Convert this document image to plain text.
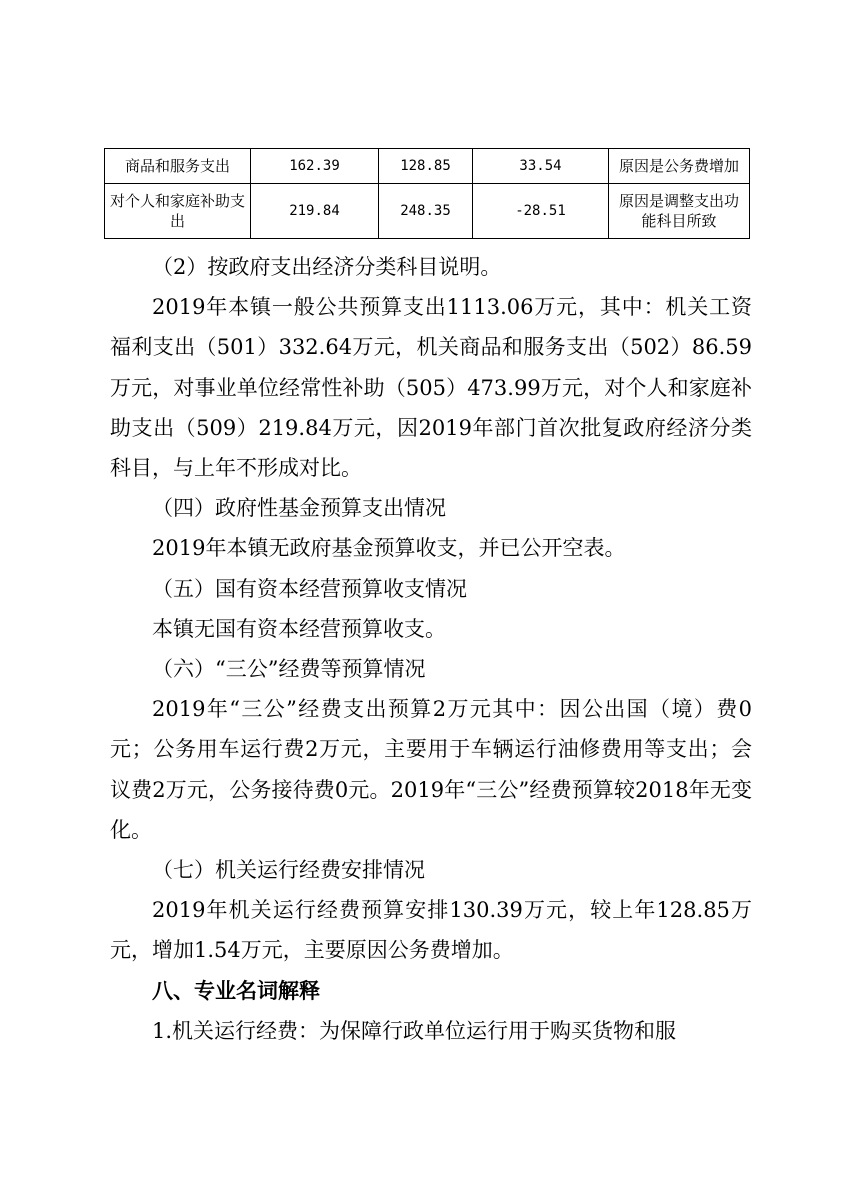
商品和服务支出	162.39	128.85	33.54	原因是公务费增加
对个人和家庭补助支出	219.84	248.35	-28.51	原因是调整支出功能科目所致

（2）按政府支出经济分类科目说明。

2019年本镇一般公共预算支出1113.06万元，其中：机关工资福利支出（501）332.64万元，机关商品和服务支出（502）86.59万元，对事业单位经常性补助（505）473.99万元，对个人和家庭补助支出（509）219.84万元，因2019年部门首次批复政府经济分类科目，与上年不形成对比。

（四）政府性基金预算支出情况

2019年本镇无政府基金预算收支，并已公开空表。

（五）国有资本经营预算收支情况

本镇无国有资本经营预算收支。

（六）“三公”经费等预算情况

2019年“三公”经费支出预算2万元其中：因公出国（境）费0元；公务用车运行费2万元，主要用于车辆运行油修费用等支出；会议费2万元，公务接待费0元。2019年“三公”经费预算较2018年无变化。

（七）机关运行经费安排情况

2019年机关运行经费预算安排130.39万元，较上年128.85万元，增加1.54万元，主要原因公务费增加。

八、专业名词解释

1.机关运行经费：为保障行政单位运行用于购买货物和服
